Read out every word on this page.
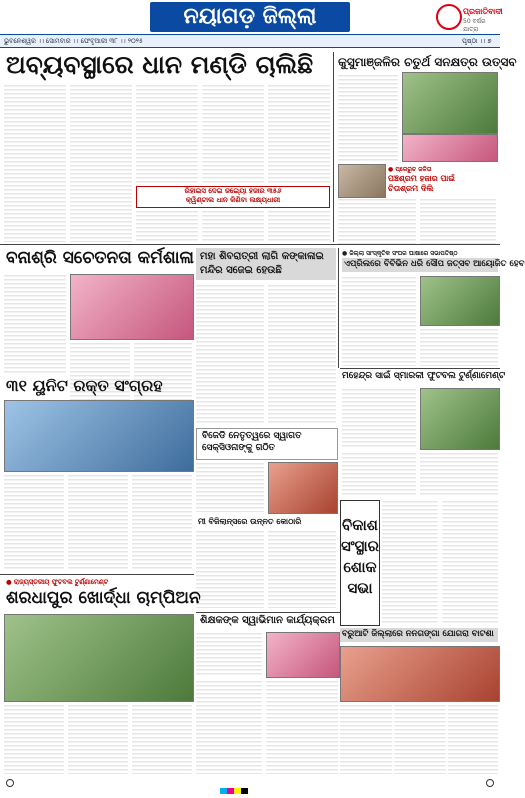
ନୟାଗଡ଼ ଜିଲ୍ଲା	ପ୍ରଜାତିବାଦୀ
50 ବର୍ଷର ଯାତ୍ରା
ଭୁବନେଶ୍ୱର ।। ସୋମବାର ।। ଫେବୃଆରୀ ୩୮ ।। ୨୦୨୫	ପୃଷ୍ଠା ।। ୭
ଅବ୍ୟବସ୍ଥାରେ ଧାନ ମଣ୍ଡି ଚାଲିଛି
ରିହାଇସ ଦେଇ ଜଇ୍ୟୋ ହଜାର ୩୫୬
କ୍ୱିଣ୍ଟାଲ ଧାନ କିଣିବା ଲକ୍ଷ୍ୟଧାରୀ
କୁସୁମାଞ୍ଜଳିର ଚତୁର୍ଥ ସନକ୍ଷତ୍ର ଉତ୍ସବ
● ପ୍ରେରୁଚ ଜଳିତା
ପଞ୍ଚଶ୍ରମ ହଜାର ପାଇଁ
ଚିତାଶ୍ରମ ଦିଲି
ବନାଶ୍ରି ସଚେତନତା କର୍ମଶାଳା ମହା ଶିବରାତ୍ରୀ ଲାଗି କଙ୍କାଳାଇ
ମନ୍ଦିର ସଜେଇ ହେଉଛି
● ଜିଲ୍ଲା ସାଂସ୍କୃତିକ ସଂଘର ଘାଷାରେ ସଭାପତିଷ୍ଠ
ଏପ୍ରିଲରେ ବିବିଭିନ ଧରି ସୌପ ଜତ୍ସବ ଆୟୋଜିତ ହେବ
୩୧ ୟୁନିଟ ରକ୍ତ ସଂଗ୍ରହ	ମହେନ୍ଦ୍ର ସାଇଁ ସ୍ମାରକୀ ଫୁଟବଲ ଟୁର୍ଣ୍ଣାମେଣ୍ଟ
ବିଜେଡି ନେତୃତ୍ୱରେ ସ୍ୱାଗତ
ସେକ୍ସିଓନାଙ୍କୁ ଗଠିତ
ମୀ ବିଜିଲାନ୍ସରେ ଉନ୍ନତ କୋଠାରି	ବିକାଶ
ସଂସ୍ଥାର
ଶୋକ ସଭା
● ରାଜ୍ୟସ୍ତରୀୟ ଫୁଟବଲ ଟୁର୍ଣ୍ଣାମେଣ୍ଟ
ଶରଧାପୁର ଖୋର୍ଦ୍ଧା ଚାମ୍ପିଅନ
ଶିକ୍ଷକଙ୍କ ସ୍ୱାଭିମାନ କାର୍ଯ୍ୟକ୍ରମ
ବରୁଆଟି ଜିଲ୍ଲାରେ ନନଗଙ୍ଗା ଯୋଗରା ବାଟଶା
